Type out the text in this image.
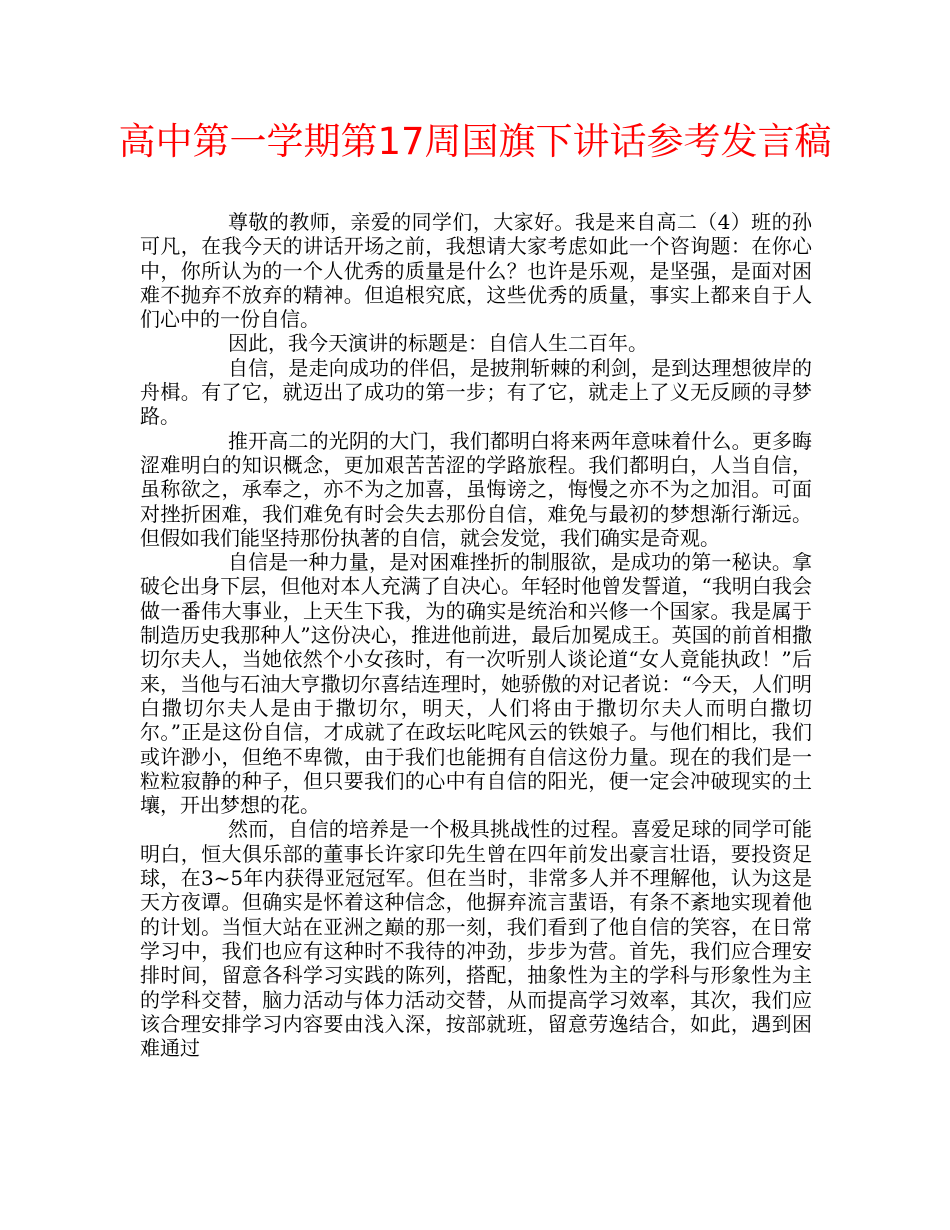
高中第一学期第17周国旗下讲话参考发言稿

尊敬的教师，亲爱的同学们，大家好。我是来自高二（4）班的孙可凡，在我今天的讲话开场之前，我想请大家考虑如此一个咨询题：在你心中，你所认为的一个人优秀的质量是什么？也许是乐观，是坚强，是面对困难不抛弃不放弃的精神。但追根究底，这些优秀的质量，事实上都来自于人们心中的一份自信。

因此，我今天演讲的标题是：自信人生二百年。

自信，是走向成功的伴侣，是披荆斩棘的利剑，是到达理想彼岸的舟楫。有了它，就迈出了成功的第一步；有了它，就走上了义无反顾的寻梦路。

推开高二的光阴的大门，我们都明白将来两年意味着什么。更多晦涩难明白的知识概念，更加艰苦苦涩的学路旅程。我们都明白，人当自信，虽称欲之，承奉之，亦不为之加喜，虽悔谤之，悔慢之亦不为之加泪。可面对挫折困难，我们难免有时会失去那份自信，难免与最初的梦想渐行渐远。但假如我们能坚持那份执著的自信，就会发觉，我们确实是奇观。

自信是一种力量，是对困难挫折的制服欲，是成功的第一秘诀。拿破仑出身下层，但他对本人充满了自决心。年轻时他曾发誓道，“我明白我会做一番伟大事业，上天生下我，为的确实是统治和兴修一个国家。我是属于制造历史我那种人”这份决心，推进他前进，最后加冕成王。英国的前首相撒切尔夫人，当她依然个小女孩时，有一次听别人谈论道“女人竟能执政！”后来，当他与石油大亨撒切尔喜结连理时，她骄傲的对记者说：“今天，人们明白撒切尔夫人是由于撒切尔，明天，人们将由于撒切尔夫人而明白撒切尔。”正是这份自信，才成就了在政坛叱咤风云的铁娘子。与他们相比，我们或许渺小，但绝不卑微，由于我们也能拥有自信这份力量。现在的我们是一粒粒寂静的种子，但只要我们的心中有自信的阳光，便一定会冲破现实的土壤，开出梦想的花。

然而，自信的培养是一个极具挑战性的过程。喜爱足球的同学可能明白，恒大俱乐部的董事长许家印先生曾在四年前发出豪言壮语，要投资足球，在3~5年内获得亚冠冠军。但在当时，非常多人并不理解他，认为这是天方夜谭。但确实是怀着这种信念，他摒弃流言蜚语，有条不紊地实现着他的计划。当恒大站在亚洲之巅的那一刻，我们看到了他自信的笑容，在日常学习中，我们也应有这种时不我待的冲劲，步步为营。首先，我们应合理安排时间，留意各科学习实践的陈列，搭配，抽象性为主的学科与形象性为主的学科交替，脑力活动与体力活动交替，从而提高学习效率，其次，我们应该合理安排学习内容要由浅入深，按部就班，留意劳逸结合，如此，遇到困难通过
